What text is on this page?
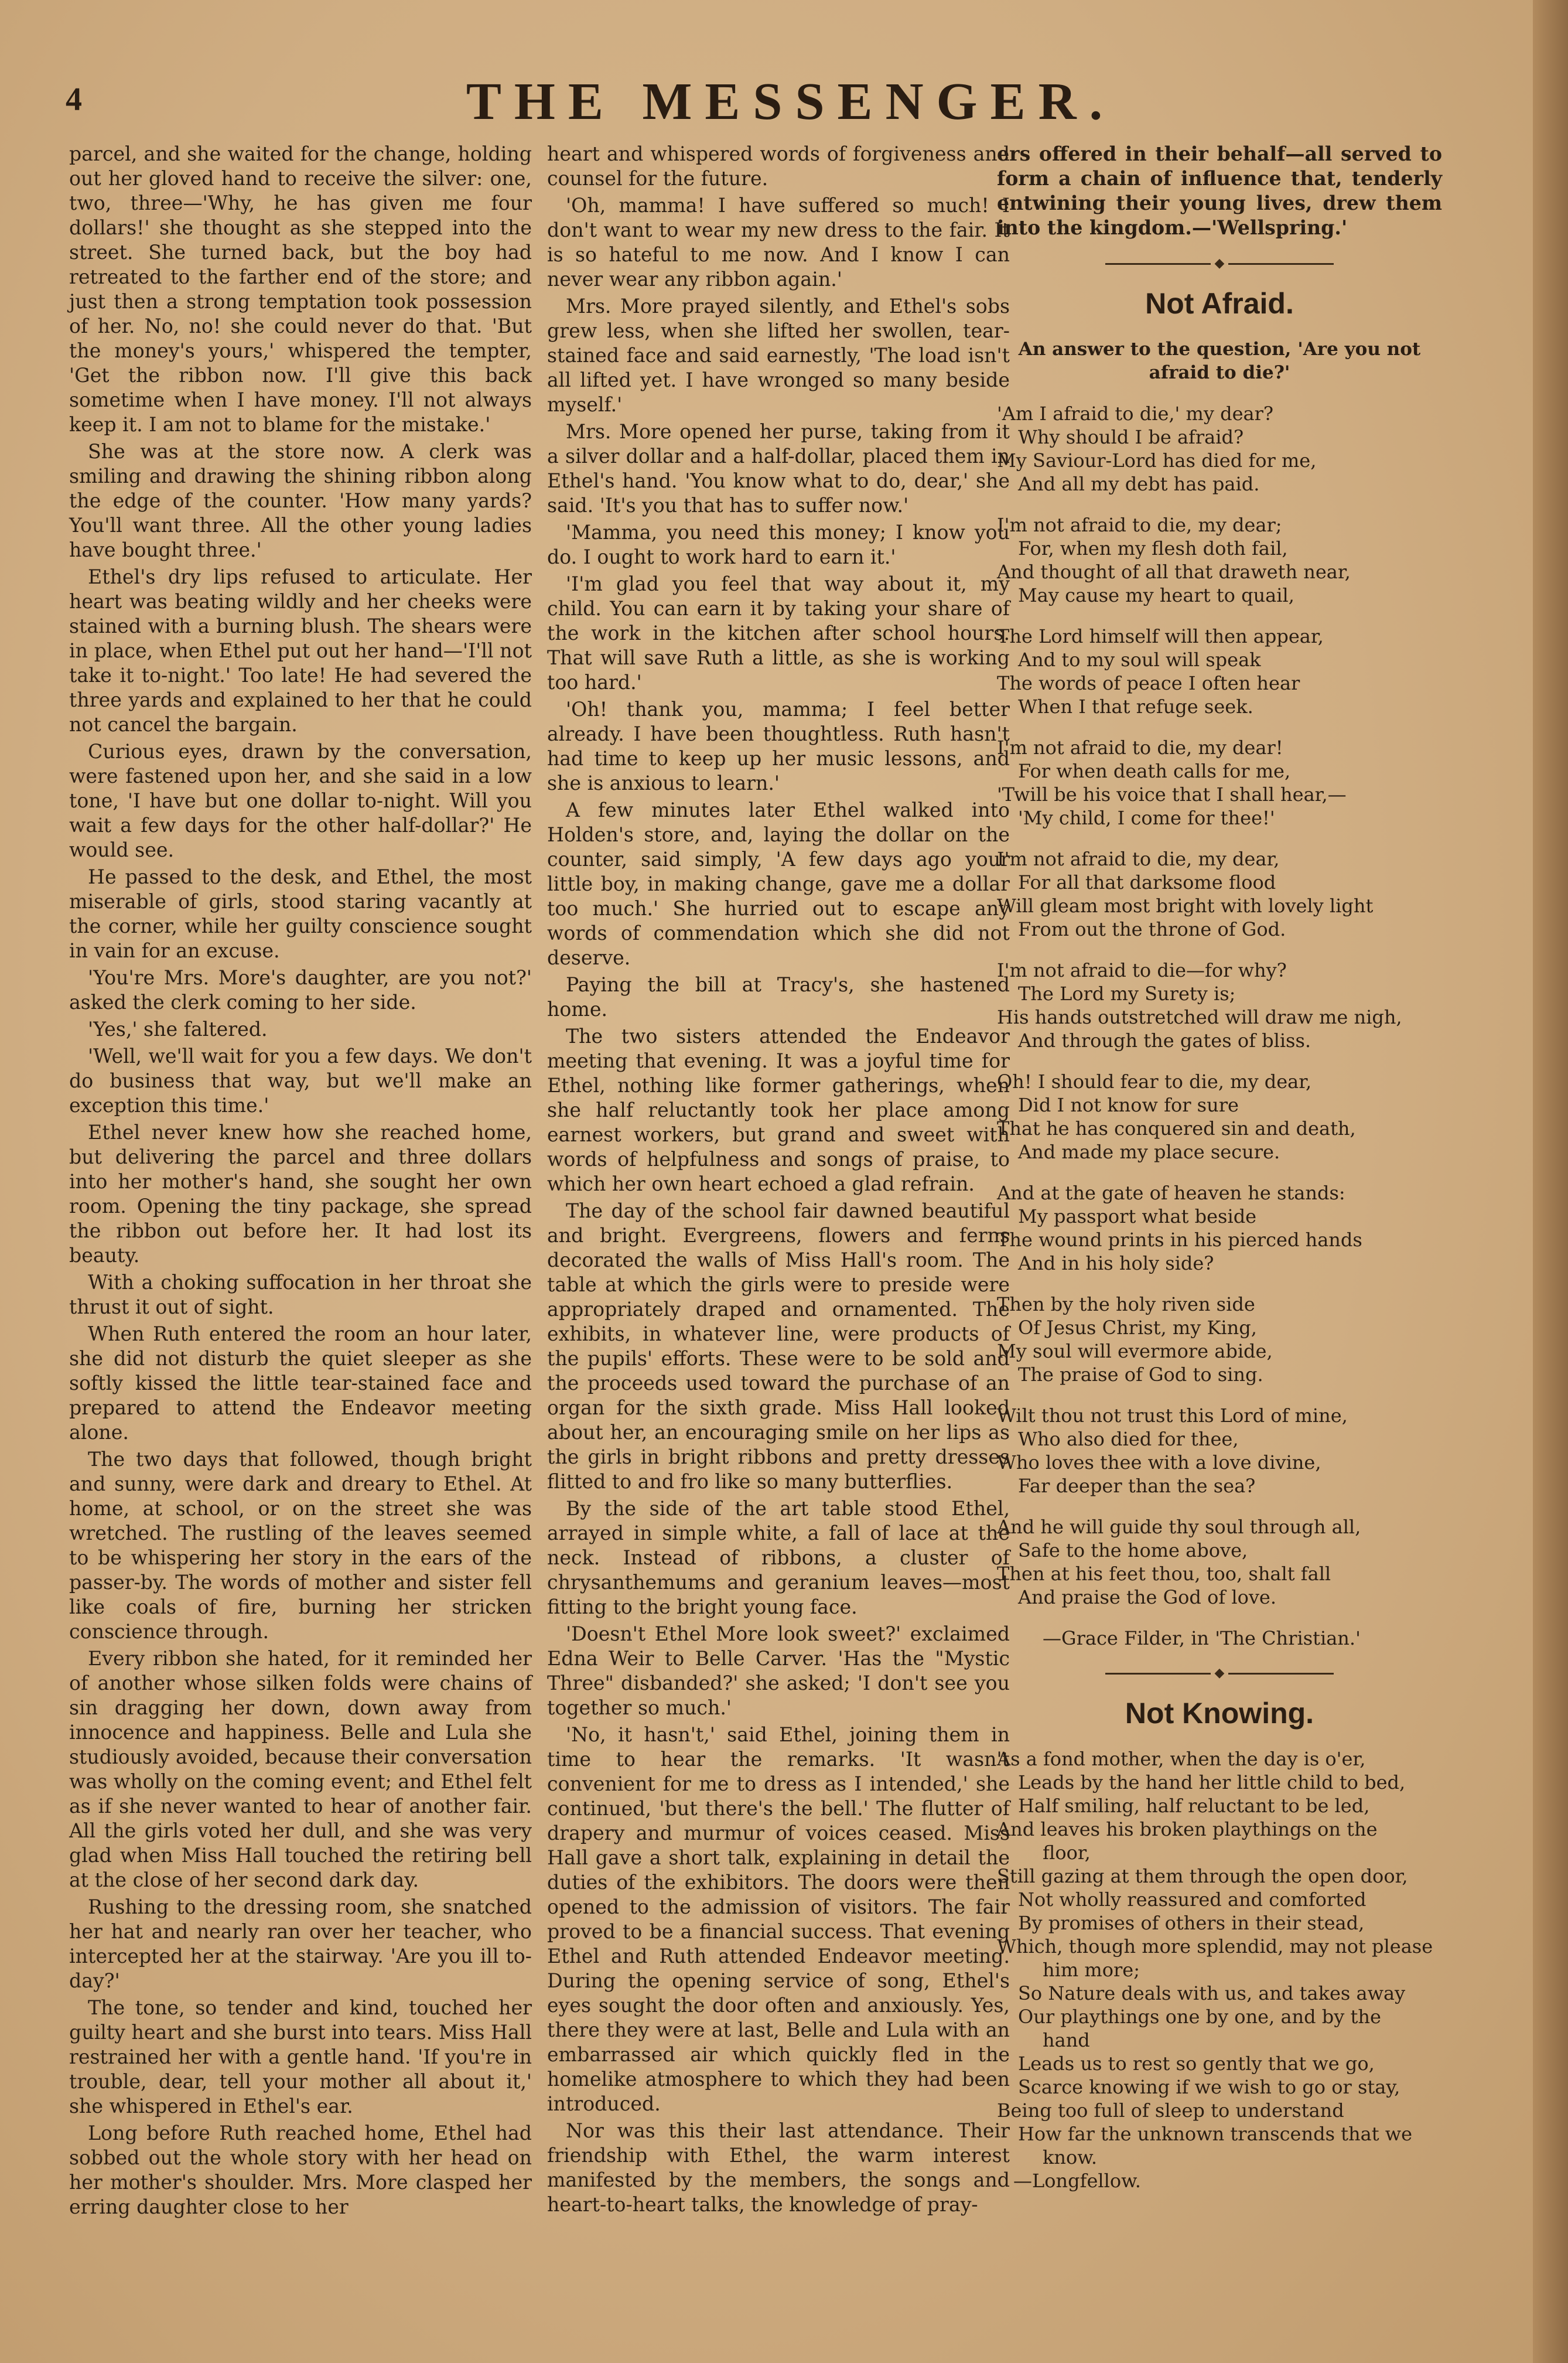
4	THE MESSENGER.

parcel, and she waited for the change, holding out her gloved hand to receive the silver: one, two, three—'Why, he has given me four dollars!' she thought as she stepped into the street. She turned back, but the boy had retreated to the farther end of the store; and just then a strong temptation took possession of her. No, no! she could never do that. 'But the money's yours,' whispered the tempter, 'Get the ribbon now. I'll give this back sometime when I have money. I'll not always keep it. I am not to blame for the mistake.'

She was at the store now. A clerk was smiling and drawing the shining ribbon along the edge of the counter. 'How many yards? You'll want three. All the other young ladies have bought three.'

Ethel's dry lips refused to articulate. Her heart was beating wildly and her cheeks were stained with a burning blush. The shears were in place, when Ethel put out her hand—'I'll not take it to-night.' Too late! He had severed the three yards and explained to her that he could not cancel the bargain.

Curious eyes, drawn by the conversation, were fastened upon her, and she said in a low tone, 'I have but one dollar to-night. Will you wait a few days for the other half-dollar?' He would see.

He passed to the desk, and Ethel, the most miserable of girls, stood staring vacantly at the corner, while her guilty conscience sought in vain for an excuse.

'You're Mrs. More's daughter, are you not?' asked the clerk coming to her side.

'Yes,' she faltered.

'Well, we'll wait for you a few days. We don't do business that way, but we'll make an exception this time.'

Ethel never knew how she reached home, but delivering the parcel and three dollars into her mother's hand, she sought her own room. Opening the tiny package, she spread the ribbon out before her. It had lost its beauty.

With a choking suffocation in her throat she thrust it out of sight.

When Ruth entered the room an hour later, she did not disturb the quiet sleeper as she softly kissed the little tear-stained face and prepared to attend the Endeavor meeting alone.

The two days that followed, though bright and sunny, were dark and dreary to Ethel. At home, at school, or on the street she was wretched. The rustling of the leaves seemed to be whispering her story in the ears of the passer-by. The words of mother and sister fell like coals of fire, burning her stricken conscience through.

Every ribbon she hated, for it reminded her of another whose silken folds were chains of sin dragging her down, down away from innocence and happiness. Belle and Lula she studiously avoided, because their conversation was wholly on the coming event; and Ethel felt as if she never wanted to hear of another fair. All the girls voted her dull, and she was very glad when Miss Hall touched the retiring bell at the close of her second dark day.

Rushing to the dressing room, she snatched her hat and nearly ran over her teacher, who intercepted her at the stairway. 'Are you ill to-day?'

The tone, so tender and kind, touched her guilty heart and she burst into tears. Miss Hall restrained her with a gentle hand. 'If you're in trouble, dear, tell your mother all about it,' she whispered in Ethel's ear.

Long before Ruth reached home, Ethel had sobbed out the whole story with her head on her mother's shoulder. Mrs. More clasped her erring daughter close to her

heart and whispered words of forgiveness and counsel for the future.

'Oh, mamma! I have suffered so much! I don't want to wear my new dress to the fair. It is so hateful to me now. And I know I can never wear any ribbon again.'

Mrs. More prayed silently, and Ethel's sobs grew less, when she lifted her swollen, tear-stained face and said earnestly, 'The load isn't all lifted yet. I have wronged so many beside myself.'

Mrs. More opened her purse, taking from it a silver dollar and a half-dollar, placed them in Ethel's hand. 'You know what to do, dear,' she said. 'It's you that has to suffer now.'

'Mamma, you need this money; I know you do. I ought to work hard to earn it.'

'I'm glad you feel that way about it, my child. You can earn it by taking your share of the work in the kitchen after school hours. That will save Ruth a little, as she is working too hard.'

'Oh! thank you, mamma; I feel better already. I have been thoughtless. Ruth hasn't had time to keep up her music lessons, and she is anxious to learn.'

A few minutes later Ethel walked into Holden's store, and, laying the dollar on the counter, said simply, 'A few days ago your little boy, in making change, gave me a dollar too much.' She hurried out to escape any words of commendation which she did not deserve.

Paying the bill at Tracy's, she hastened home.

The two sisters attended the Endeavor meeting that evening. It was a joyful time for Ethel, nothing like former gatherings, when she half reluctantly took her place among earnest workers, but grand and sweet with words of helpfulness and songs of praise, to which her own heart echoed a glad refrain.

The day of the school fair dawned beautiful and bright. Evergreens, flowers and ferns decorated the walls of Miss Hall's room. The table at which the girls were to preside were appropriately draped and ornamented. The exhibits, in whatever line, were products of the pupils' efforts. These were to be sold and the proceeds used toward the purchase of an organ for the sixth grade. Miss Hall looked about her, an encouraging smile on her lips as the girls in bright ribbons and pretty dresses flitted to and fro like so many butterflies.

By the side of the art table stood Ethel, arrayed in simple white, a fall of lace at the neck. Instead of ribbons, a cluster of chrysanthemums and geranium leaves—most fitting to the bright young face.

'Doesn't Ethel More look sweet?' exclaimed Edna Weir to Belle Carver. 'Has the "Mystic Three" disbanded?' she asked; 'I don't see you together so much.'

'No, it hasn't,' said Ethel, joining them in time to hear the remarks. 'It wasn't convenient for me to dress as I intended,' she continued, 'but there's the bell.' The flutter of drapery and murmur of voices ceased. Miss Hall gave a short talk, explaining in detail the duties of the exhibitors. The doors were then opened to the admission of visitors. The fair proved to be a financial success. That evening Ethel and Ruth attended Endeavor meeting. During the opening service of song, Ethel's eyes sought the door often and anxiously. Yes, there they were at last, Belle and Lula with an embarrassed air which quickly fled in the homelike atmosphere to which they had been introduced.

Nor was this their last attendance. Their friendship with Ethel, the warm interest manifested by the members, the songs and heart-to-heart talks, the knowledge of pray-

ers offered in their behalf—all served to form a chain of influence that, tenderly entwining their young lives, drew them into the kingdom.—'Wellspring.'

◆
Not Afraid.
An answer to the question, 'Are you not afraid to die?'
'Am I afraid to die,' my dear?
Why should I be afraid?
My Saviour-Lord has died for me,
And all my debt has paid.
I'm not afraid to die, my dear;
For, when my flesh doth fail,
And thought of all that draweth near,
May cause my heart to quail,
The Lord himself will then appear,
And to my soul will speak
The words of peace I often hear
When I that refuge seek.
I'm not afraid to die, my dear!
For when death calls for me,
'Twill be his voice that I shall hear,—
'My child, I come for thee!'
I'm not afraid to die, my dear,
For all that darksome flood
Will gleam most bright with lovely light
From out the throne of God.
I'm not afraid to die—for why?
The Lord my Surety is;
His hands outstretched will draw me nigh,
And through the gates of bliss.
Oh! I should fear to die, my dear,
Did I not know for sure
That he has conquered sin and death,
And made my place secure.
And at the gate of heaven he stands:
My passport what beside
The wound prints in his pierced hands
And in his holy side?
Then by the holy riven side
Of Jesus Christ, my King,
My soul will evermore abide,
The praise of God to sing.
Wilt thou not trust this Lord of mine,
Who also died for thee,
Who loves thee with a love divine,
Far deeper than the sea?
And he will guide thy soul through all,
Safe to the home above,
Then at his feet thou, too, shalt fall
And praise the God of love.
—Grace Filder, in 'The Christian.'
◆
Not Knowing.
As a fond mother, when the day is o'er,
Leads by the hand her little child to bed,
Half smiling, half reluctant to be led,
And leaves his broken playthings on the
floor,
Still gazing at them through the open door,
Not wholly reassured and comforted
By promises of others in their stead,
Which, though more splendid, may not please
him more;
So Nature deals with us, and takes away
Our playthings one by one, and by the
hand
Leads us to rest so gently that we go,
Scarce knowing if we wish to go or stay,
Being too full of sleep to understand
How far the unknown transcends that we
know.
—Longfellow.
